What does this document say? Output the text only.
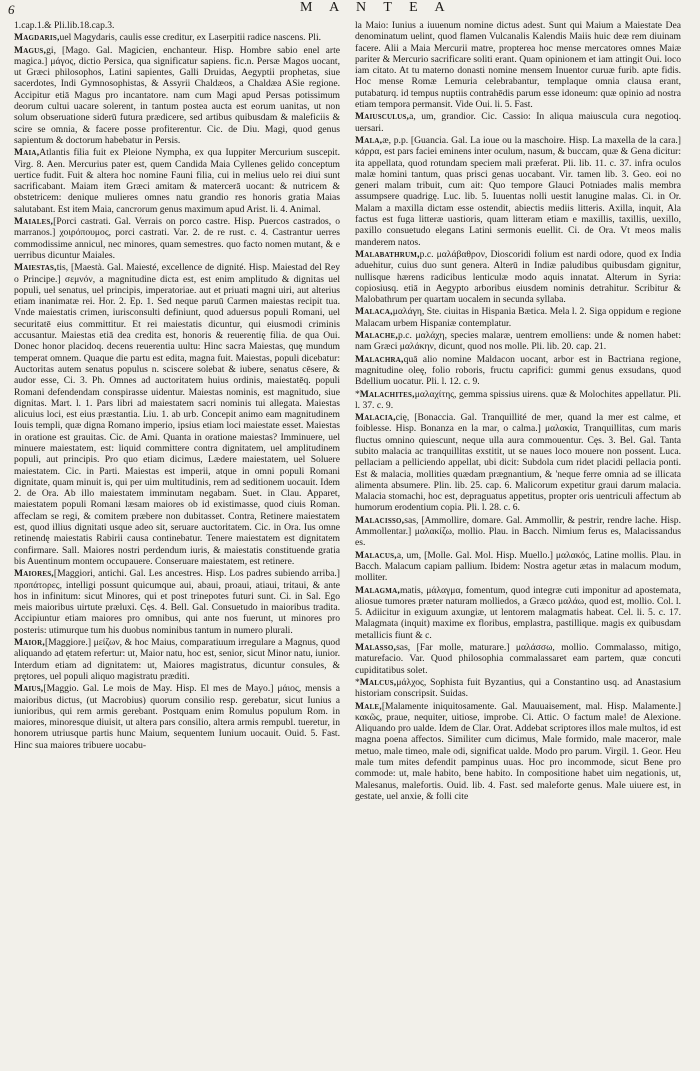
6	M A N T E A

1.cap.1.& Pli.lib.18.cap.3.

Magdaris,uel Magydaris, caulis esse creditur, ex Laserpitii radice nascens. Pli.

Magus,gi, [Mago. Gal. Magicien, enchanteur. Hisp. Hombre sabio enel arte magica.] μάγος, dictio Persica, qua significatur sapiens. fic.n. Persæ Magos uocant, ut Græci philosophos, Latini sapientes, Galli Druidas, Aegyptii prophetas, siue sacerdotes, Indi Gymnosophistas, & Assyrii Chaldæos, a Chaldæa ASie regione. Accipitur etiā Magus pro incantatore. nam cum Magi apud Persas potissimum deorum cultui uacare solerent, in tantum postea aucta est eorum uanitas, ut non solum obseruatione siderū futura prædicere, sed artibus quibusdam & maleficiis & scire se omnia, & facere posse profiterentur. Cic. de Diu. Magi, quod genus sapientum & doctorum habebatur in Persis.

Maia,Atlantis filia fuit ex Pleione Nympha, ex qua Iuppiter Mercurium suscepit. Virg. 8. Aen. Mercurius pater est, quem Candida Maia Cyllenes gelido conceptum uertice fudit. Fuit & altera hoc nomine Fauni filia, cui in melius uelo rei diui sunt sacrificabant. Maiam item Græci amitam & matercerā uocant: & nutricem & obstetricem: denique mulieres omnes natu grandio res honoris gratia Maias salutabant. Est item Maia, cancrorum genus maximum apud Arist. li. 4. Animal.

Maiales,[Porci castrati. Gal. Verrais on porco castre. Hisp. Puercos castrados, o marranos.] χοιρόπουμος, porci castrati. Var. 2. de re rust. c. 4. Castrantur uerres commodissime annicul, nec minores, quam semestres. quo facto nomen mutant, & e uerribus dicuntur Maiales.

Maiestas,tis, [Maestà. Gal. Maiesté, excellence de dignité. Hisp. Maiestad del Rey o Principe.] σεμνόν, a magnitudine dicta est, est enim amplitudo & dignitas uel populi, uel senatus, uel principis, imperatoriae. aut et priuati magni uiri, aut alterius etiam inanimatæ rei. Hor. 2. Ep. 1. Sed neque paruū Carmen maiestas recipit tua. Vnde maiestatis crimen, iurisconsulti definiunt, quod aduersus populi Romani, uel securitatē eius committitur. Et rei maiestatis dicuntur, qui eiusmodi criminis accusantur. Maiestas etiā dea credita est, honoris & reuerentię filia. de qua Oui. Donec honor placidoq. decens reuerentia uultu: Hinc sacra Maiestas, quę mundum temperat omnem. Quaque die partu est edita, magna fuit. Maiestas, populi dicebatur: Auctoritas autem senatus populus n. sciscere solebat & iubere, senatus cēsere, & audor esse, Ci. 3. Ph. Omnes ad auctoritatem huius ordinis, maiestatēq. populi Romani defendendam conspirasse uidentur. Maiestas nominis, est magnitudo, siue dignitas. Mart. l. 1. Pars libri ad maiestatem sacri nominis tui allegata. Maiestas alicuius loci, est eius præstantia. Liu. 1. ab urb. Concepit animo eam magnitudinem Iouis templi, quæ digna Romano imperio, ipsius etiam loci maiestate esset. Maiestas in oratione est grauitas. Cic. de Ami. Quanta in oratione maiestas? Imminuere, uel minuere maiestatem, est: liquid committere contra dignitatem, uel amplitudinem populi, aut principis. Pro quo etiam dicimus, Lædere maiestatem, uel Soluere maiestatem. Cic. in Parti. Maiestas est imperii, atque in omni populi Romani dignitate, quam minuit is, qui per uim multitudinis, rem ad seditionem uocauit. Idem 2. de Ora. Ab illo maiestatem imminutam negabam. Suet. in Clau. Apparet, maiestatem populi Romani læsam maiores ob id existimasse, quod ciuis Roman. affeclam se regi, & comitem præbere non dubitasset. Contra, Retinere maiestatem est, quod illius dignitati usque adeo sit, seruare auctoritatem. Cic. in Ora. Ius omne retinendę maiestatis Rabirii causa continebatur. Tenere maiestatem est dignitatem confirmare. Sall. Maiores nostri perdendum iuris, & maiestatis constituende gratia bis Auentinum montem occupauere. Conseruare maiestatem, est retinere.

Maiores,[Maggiori, antichi. Gal. Les ancestres. Hisp. Los padres subiendo arriba.] προπάτορες, intelligi possunt quicumque aui, abaui, proaui, atiaui, tritaui, & ante hos in infinitum: sicut Minores, qui et post trinepotes futuri sunt. Ci. in Sal. Ego meis maioribus uirtute præluxi. Cęs. 4. Bell. Gal. Consuetudo in maioribus tradita. Accipiuntur etiam maiores pro omnibus, qui ante nos fuerunt, ut minores pro posteris: utimurque tum his duobus nominibus tantum in numero plurali.

Maior,[Maggiore.] μείζων, & hoc Maius, comparatiuum irregulare a Magnus, quod aliquando ad ętatem refertur: ut, Maior natu, hoc est, senior, sicut Minor natu, iunior. Interdum etiam ad dignitatem: ut, Maiores magistratus, dicuntur consules, & prętores, uel populi aliquo magistratu præditi.

Maius,[Maggio. Gal. Le mois de May. Hisp. El mes de Mayo.] μάιος, mensis a maioribus dictus, (ut Macrobius) quorum consilio resp. gerebatur, sicut Iunius a iunioribus, qui rem armis gerebant. Postquam enim Romulus populum Rom. in maiores, minoresque diuisit, ut altera pars consilio, altera armis rempubl. tueretur, in honorem utriusque partis hunc Maium, sequentem Iunium uocauit. Ouid. 5. Fast. Hinc sua maiores tribuere uocabu-

la Maio: Iunius a iuuenum nomine dictus adest. Sunt qui Maium a Maiestate Dea denominatum uelint, quod flamen Vulcanalis Kalendis Maiis huic deæ rem diuinam facere. Alii a Maia Mercurii matre, propterea hoc mense mercatores omnes Maiæ pariter & Mercurio sacrificare soliti erant. Quam opinionem et iam attingit Oui. loco iam citato. At tu materno donasti nomine mensem Inuentor curuæ furib. apte fidis. Hoc mense Romæ Lemuria celebrabantur, templaque omnia clausa erant, putabaturq. id tempus nuptiis contrahēdis parum esse idoneum: quæ opinio ad nostra etiam tempora permansit. Vide Oui. li. 5. Fast.

Maiusculus,a, um, grandior. Cic. Cassio: In aliqua maiuscula cura negotioq. uersari.

Mala,æ, p.p. [Guancia. Gal. La ioue ou la maschoire. Hisp. La maxella de la cara.] κάρρα, est pars faciei eminens inter oculum, nasum, & buccam, quæ & Gena dicitur: ita appellata, quod rotundam speciem mali præferat. Pli. lib. 11. c. 37. infra oculos malæ homini tantum, quas prisci genas uocabant. Vir. tamen lib. 3. Geo. eoi no generi malam tribuit, cum ait: Quo tempore Glauci Potniades malis membra assumpsere quadrigę. Luc. lib. 5. Iuuentas nolli uestit lanugine malas. Ci. in Or. Malam a maxilla dictam esse ostendit, abiectis mediis litteris. Axilla, inquit, Ala factus est fuga litteræ uastioris, quam litteram etiam e maxillis, taxillis, uexillo, paxillo consuetudo elegans Latini sermonis euellit. Ci. de Ora. Vt meos malis manderem natos.

Malabathrum,p.c. μαλάβαθρον, Dioscoridi folium est nardi odore, quod ex India aduehitur, cuius duo sunt genera. Alterū in Indiæ paludibus quibusdam gignitur, nullisque hærens radicibus lenticulæ modo aquis innatat. Alterum in Syria: copiosiusq. etiā in Aegypto arboribus eiusdem nominis detrahitur. Scribitur & Malobathrum per quartam uocalem in secunda syllaba.

Malaca,μαλάγη, Ste. ciuitas in Hispania Bætica. Mela l. 2. Siga oppidum e regione Malacam urbem Hispaniæ contemplatur.

Malache,p.c. μαλάχη, species malaræ, uentrem emolliens: unde & nomen habet: nam Græci μαλάκην, dicunt, quod nos molle. Pli. lib. 20. cap. 21.

Malachra,quā alio nomine Maldacon uocant, arbor est in Bactriana regione, magnitudine oleę, folio roboris, fructu caprifici: gummi genus exsudans, quod Bdellium uocatur. Pli. l. 12. c. 9.

*Malachites,μαλαχίτης, gemma spissius uirens. quæ & Molochites appellatur. Pli. l. 37. c. 9.

Malacia,cię, [Bonaccia. Gal. Tranquillité de mer, quand la mer est calme, et foiblesse. Hisp. Bonanza en la mar, o calma.] μαλακία, Tranquillitas, cum maris fluctus omnino quiescunt, neque ulla aura commouentur. Cęs. 3. Bel. Gal. Tanta subito malacia ac tranquillitas exstitit, ut se naues loco mouere non possent. Luca. pellaciam a pelliciendo appellat, ubi dicit: Subdola cum ridet placidi pellacia ponti. Est & malacia, mollities quædam prægnantium, & 'neque ferre omnia ad se illicata alimenta absumere. Plin. lib. 25. cap. 6. Malicorum expetitur graui darum malacia. Malacia stomachi, hoc est, depraguatus appetitus, propter oris uentriculi affectum ab humorum erodentium copia. Pli. l. 28. c. 6.

Malacisso,sas, [Ammollire, domare. Gal. Ammollir, & pestrir, rendre lache. Hisp. Ammollentar.] μαλακίζω, mollio. Plau. in Bacch. Nimium ferus es, Malacissandus es.

Malacus,a, um, [Molle. Gal. Mol. Hisp. Muello.] μαλακός, Latine mollis. Plau. in Bacch. Malacum capiam pallium. Ibidem: Nostra agetur ætas in malacum modum, molliter.

Malagma,matis, μάλαγμα, fomentum, quod integræ cuti imponitur ad apostemata, aliosue tumores præter naturam molliedos, a Græco μαλάω, quod est, mollio. Col. l. 5. Adiicitur in exiguum axungiæ, ut lentorem malagmatis habeat. Cel. li. 5. c. 17. Malagmata (inquit) maxime ex floribus, emplastra, pastillique. magis ex quibusdam metallicis fiunt & c.

Malasso,sas, [Far molle, maturare.] μαλάσσω, mollio. Commalasso, mitigo, maturefacio. Var. Quod philosophia commalassaret eam partem, quæ concuti cupiditatibus solet.

*Malcus,μάλχος, Sophista fuit Byzantius, qui a Constantino usq. ad Anastasium historiam conscripsit. Suidas.

Male,[Malamente iniquitosamente. Gal. Mauuaisement, mal. Hisp. Malamente.] κακῶς, praue, nequiter, uitiose, improbe. Ci. Attic. O factum male! de Alexione. Aliquando pro ualde. Idem de Clar. Orat. Addebat scriptores illos male multos, id est magna poena affectos. Similiter cum dicimus, Male formido, male maceror, male metuo, male timeo, male odi, significat ualde. Modo pro parum. Virgil. 1. Geor. Heu male tum mites defendit pampinus uuas. Hoc pro incommode, sicut Bene pro commode: ut, male habito, bene habito. In compositione habet uim negationis, ut, Malesanus, malefortis. Ouid. lib. 4. Fast. sed maleforte genus. Male uiuere est, in gestate, uel anxie, & folli cite
